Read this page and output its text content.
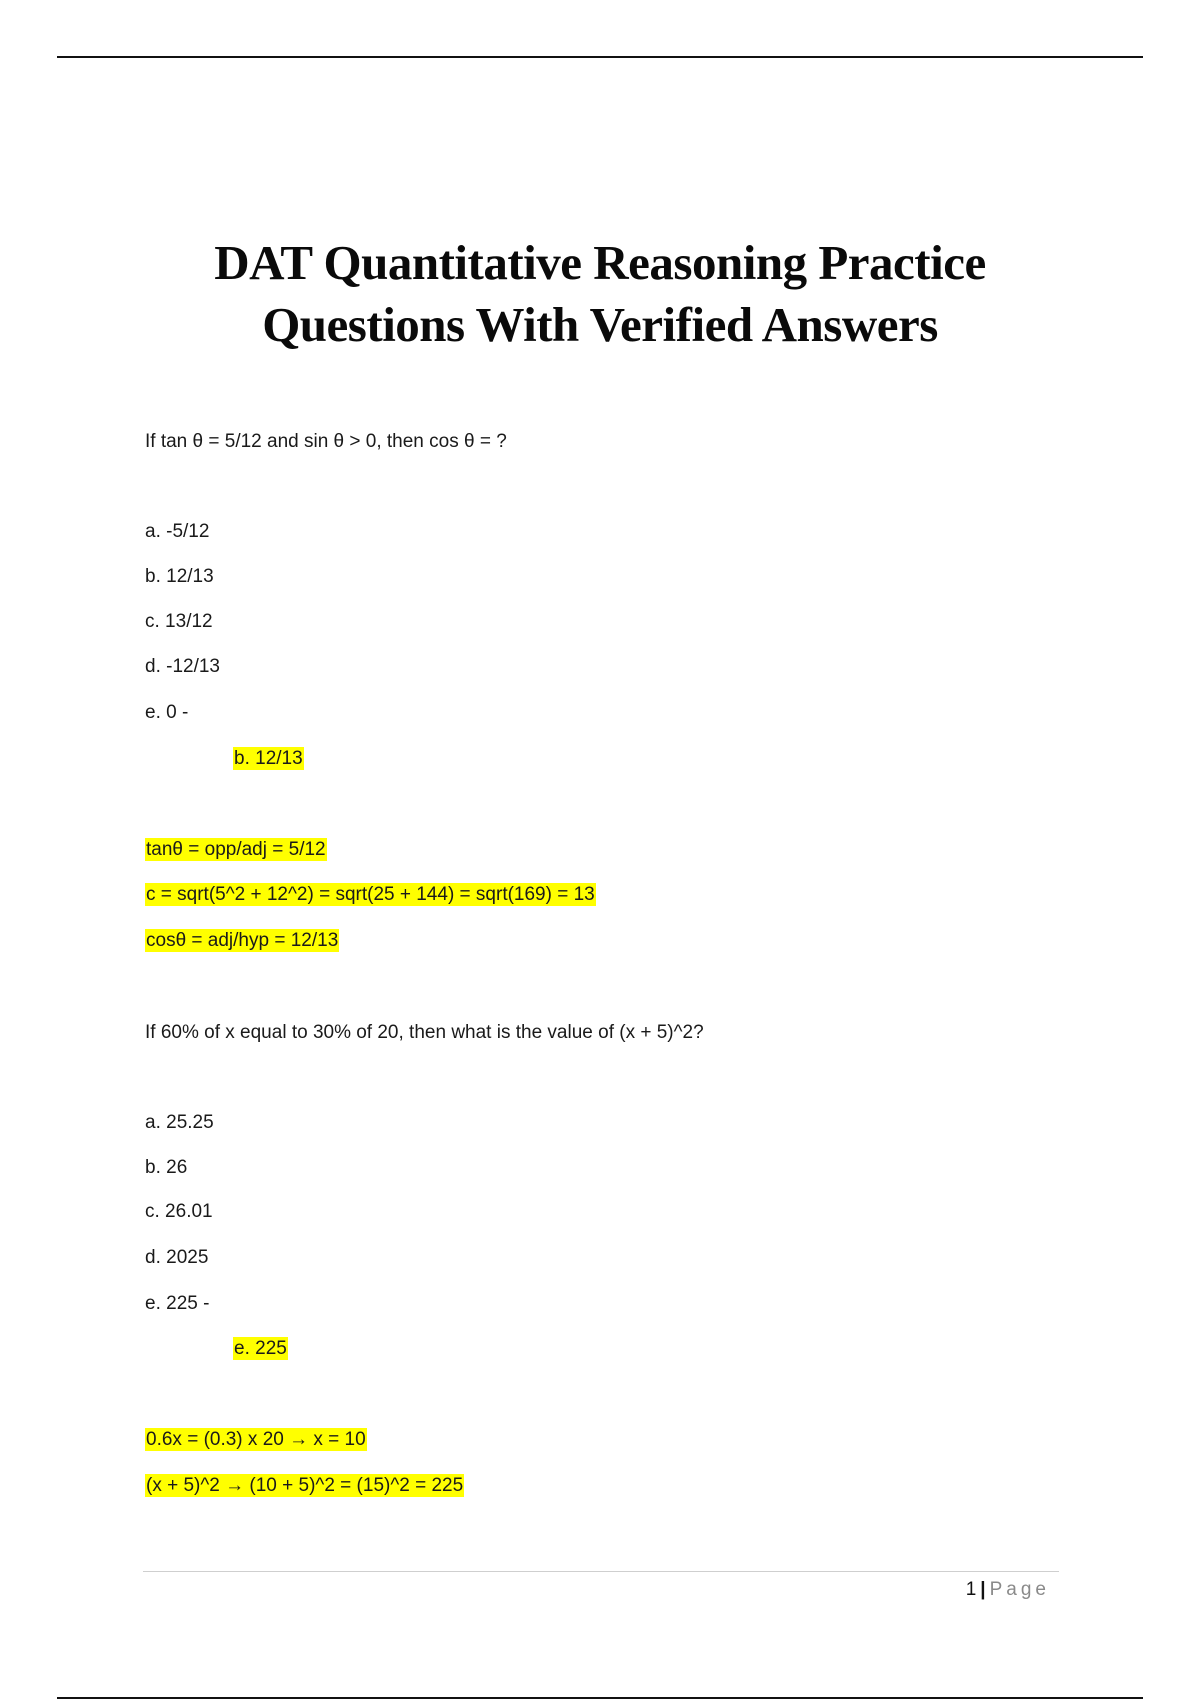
DAT Quantitative Reasoning Practice
Questions With Verified Answers
If tan θ = 5/12 and sin θ > 0, then cos θ = ?
a. -5/12
b. 12/13
c. 13/12
d. -12/13
e. 0 -
b. 12/13
tanθ = opp/adj = 5/12
c = sqrt(5^2 + 12^2) = sqrt(25 + 144) = sqrt(169) = 13
cosθ = adj/hyp = 12/13
If 60% of x equal to 30% of 20, then what is the value of (x + 5)^2?
a. 25.25
b. 26
c. 26.01
d. 2025
e. 225 -
e. 225
0.6x = (0.3) x 20 → x = 10
(x + 5)^2 → (10 + 5)^2 = (15)^2 = 225
1 | Page
